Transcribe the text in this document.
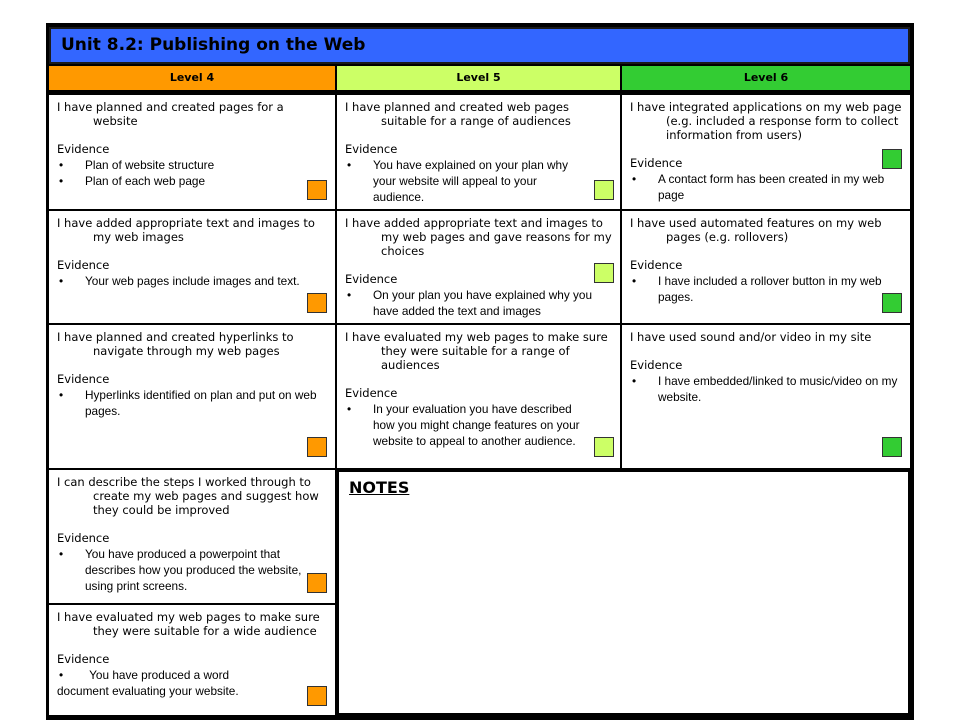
Unit 8.2: Publishing on the Web
Level 4	Level 5	Level 6
I have planned and created pages for a website
Evidence
• Plan of website structure
• Plan of each web page
I have added appropriate text and images to my web images
Evidence
• Your web pages include images and text.
I have planned and created hyperlinks to navigate through my web pages
Evidence
• Hyperlinks identified on plan and put on web pages.
I can describe the steps I worked through to create my web pages and suggest how they could be improved
Evidence
• You have produced a powerpoint that describes how you produced the website, using print screens.
I have evaluated my web pages to make sure they were suitable for a wide audience
Evidence
• You have produced a word
document evaluating your website.
I have planned and created web pages suitable for a range of audiences
Evidence
• You have explained on your plan why your website will appeal to your audience.
I have added appropriate text and images to my web pages and gave reasons for my choices
Evidence
• On your plan you have explained why you have added the text and images
I have evaluated my web pages to make sure they were suitable for a range of audiences
Evidence
• In your evaluation you have described how you might change features on your website to appeal to another audience.
I have integrated applications on my web page (e.g. included a response form to collect information from users)
Evidence
• A contact form has been created in my web page
I have used automated features on my web pages (e.g. rollovers)
Evidence
• I have included a rollover button in my web pages.
I have used sound and/or video in my site
Evidence
• I have embedded/linked to music/video on my website.
NOTES
